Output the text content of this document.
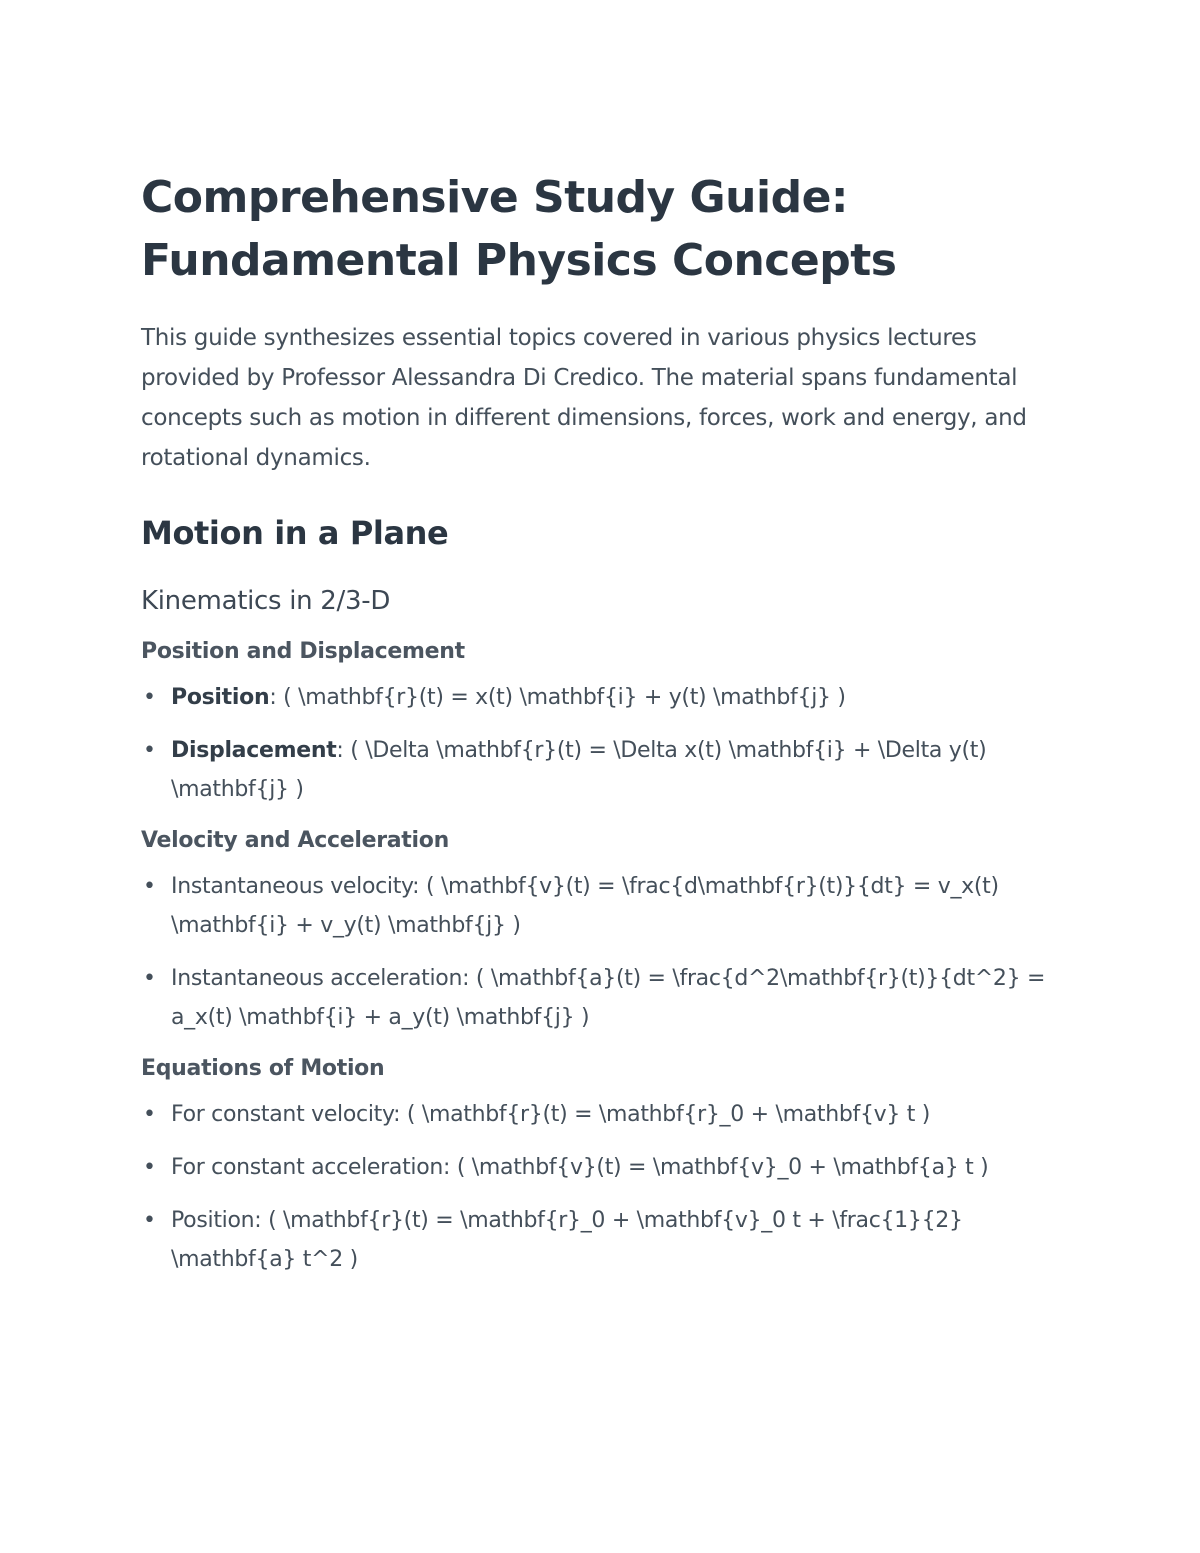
Comprehensive Study Guide:
Fundamental Physics Concepts

This guide synthesizes essential topics covered in various physics lectures provided by Professor Alessandra Di Credico. The material spans fundamental concepts such as motion in different dimensions, forces, work and energy, and rotational dynamics.

Motion in a Plane
Kinematics in 2/3-D
Position and Displacement
• Position: ( \mathbf{r}(t) = x(t) \mathbf{i} + y(t) \mathbf{j} )
• Displacement: ( \Delta \mathbf{r}(t) = \Delta x(t) \mathbf{i} + \Delta y(t) \mathbf{j} )
Velocity and Acceleration
• Instantaneous velocity: ( \mathbf{v}(t) = \frac{d\mathbf{r}(t)}{dt} = v_x(t) \mathbf{i} + v_y(t) \mathbf{j} )
• Instantaneous acceleration: ( \mathbf{a}(t) = \frac{d^2\mathbf{r}(t)}{dt^2} = a_x(t) \mathbf{i} + a_y(t) \mathbf{j} )
Equations of Motion
• For constant velocity: ( \mathbf{r}(t) = \mathbf{r}_0 + \mathbf{v} t )
• For constant acceleration: ( \mathbf{v}(t) = \mathbf{v}_0 + \mathbf{a} t )
• Position: ( \mathbf{r}(t) = \mathbf{r}_0 + \mathbf{v}_0 t + \frac{1}{2} \mathbf{a} t^2 )
